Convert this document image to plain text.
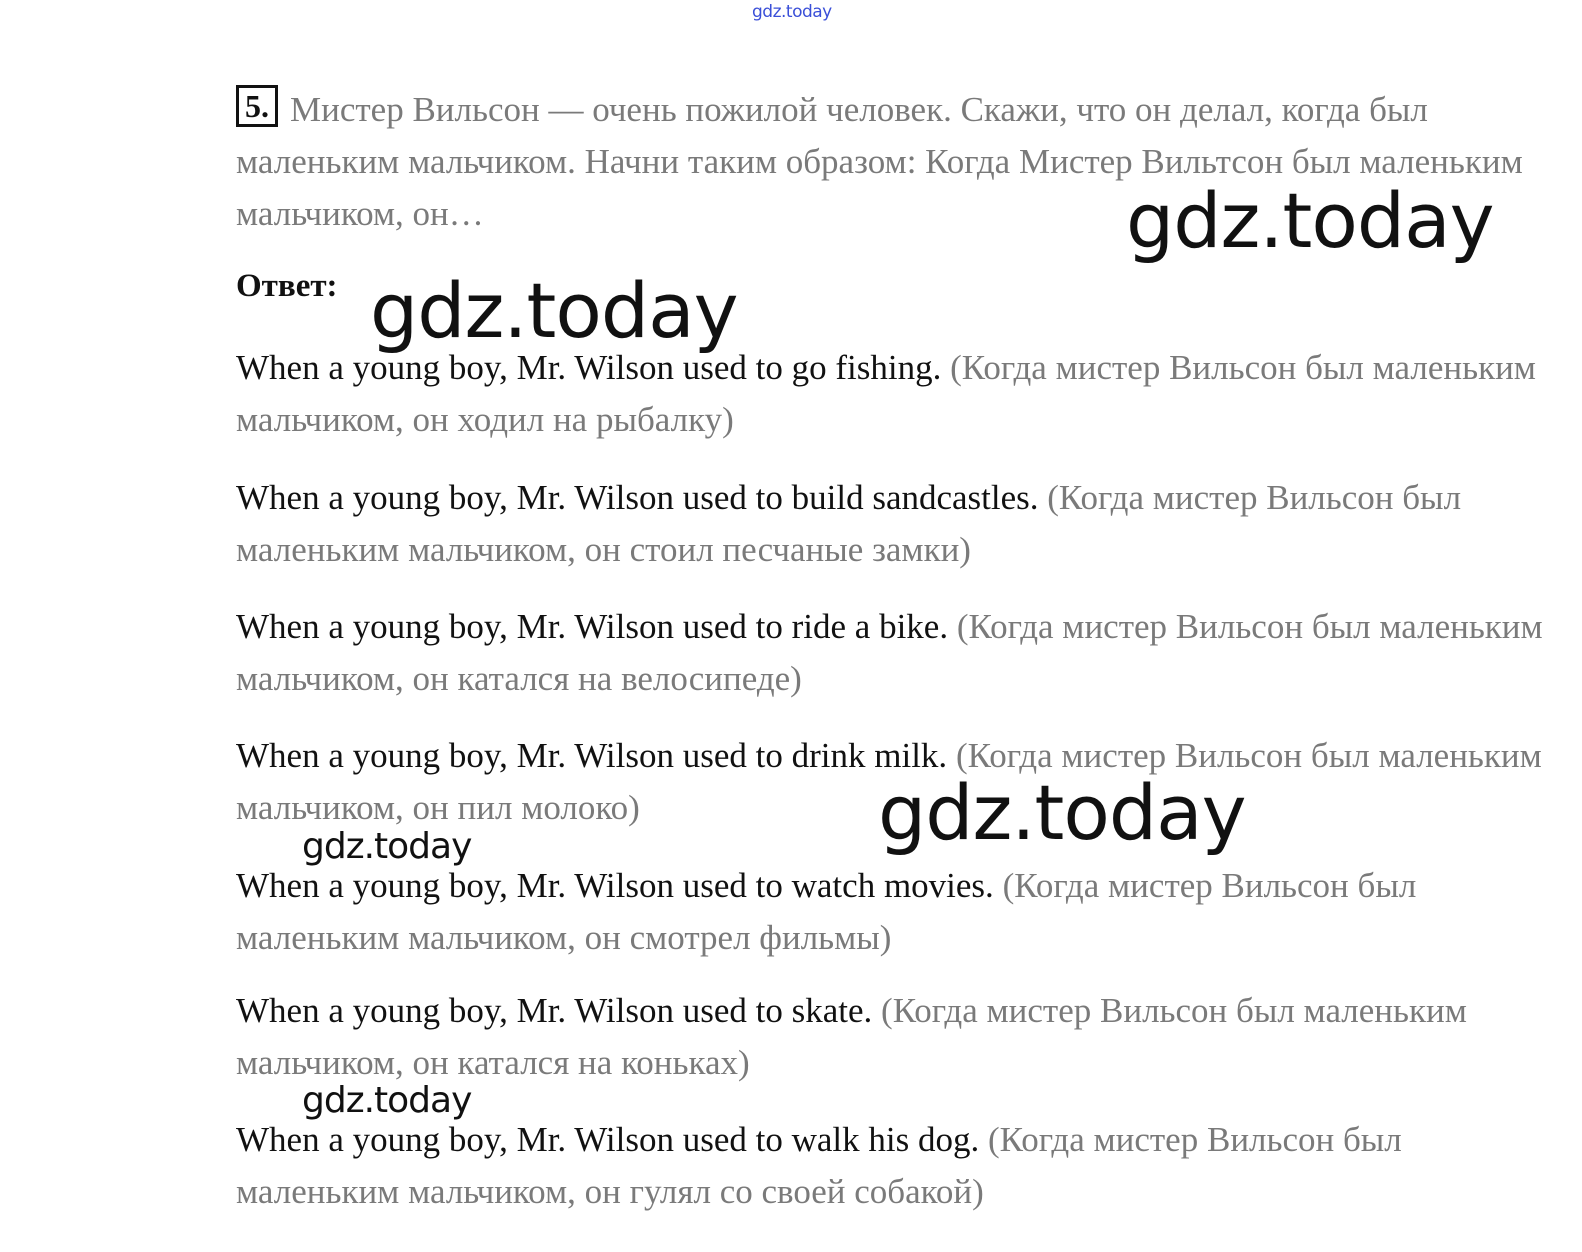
gdz.today
5. Мистер Вильсон — очень пожилой человек. Скажи, что он делал, когда был маленьким мальчиком. Начни таким образом: Когда Мистер Вильтсон был маленьким мальчиком, он…
Ответ:
When a young boy, Mr. Wilson used to go fishing. (Когда мистер Вильсон был маленьким мальчиком, он ходил на рыбалку)
When a young boy, Mr. Wilson used to build sandcastles. (Когда мистер Вильсон был маленьким мальчиком, он стоил песчаные замки)
When a young boy, Mr. Wilson used to ride a bike. (Когда мистер Вильсон был маленьким мальчиком, он катался на велосипеде)
When a young boy, Mr. Wilson used to drink milk. (Когда мистер Вильсон был маленьким мальчиком, он пил молоко)
When a young boy, Mr. Wilson used to watch movies. (Когда мистер Вильсон был маленьким мальчиком, он смотрел фильмы)
When a young boy, Mr. Wilson used to skate. (Когда мистер Вильсон был маленьким мальчиком, он катался на коньках)
When a young boy, Mr. Wilson used to walk his dog. (Когда мистер Вильсон был маленьким мальчиком, он гулял со своей собакой)
gdz.today
gdz.today
gdz.today
gdz.today
gdz.today
